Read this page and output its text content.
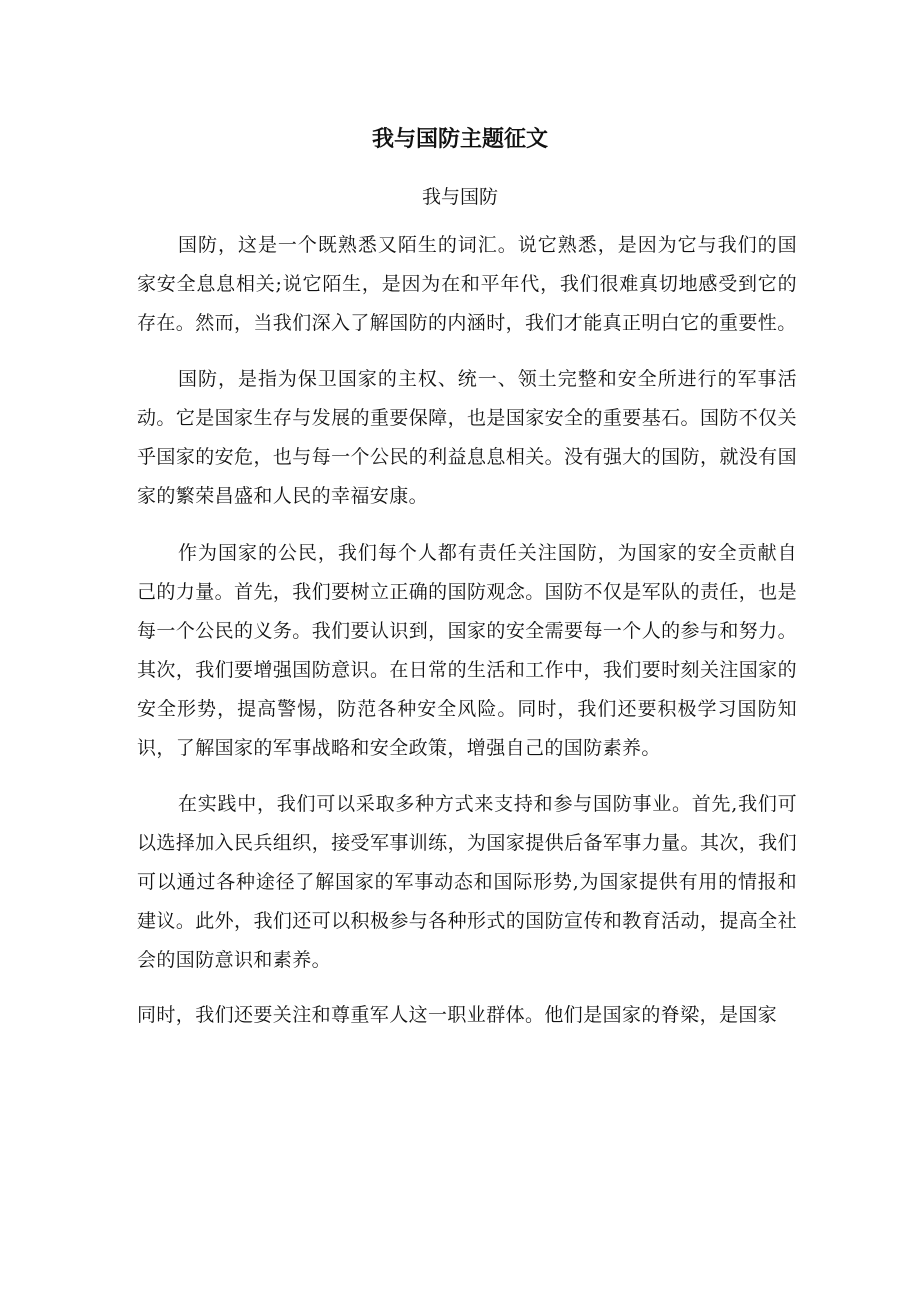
我与国防主题征文
我与国防

国防，这是一个既熟悉又陌生的词汇。说它熟悉，是因为它与我们的国家安全息息相关;说它陌生，是因为在和平年代，我们很难真切地感受到它的存在。然而，当我们深入了解国防的内涵时，我们才能真正明白它的重要性。

国防，是指为保卫国家的主权、统一、领土完整和安全所进行的军事活动。它是国家生存与发展的重要保障，也是国家安全的重要基石。国防不仅关乎国家的安危，也与每一个公民的利益息息相关。没有强大的国防，就没有国家的繁荣昌盛和人民的幸福安康。

作为国家的公民，我们每个人都有责任关注国防，为国家的安全贡献自己的力量。首先，我们要树立正确的国防观念。国防不仅是军队的责任，也是每一个公民的义务。我们要认识到，国家的安全需要每一个人的参与和努力。其次，我们要增强国防意识。在日常的生活和工作中，我们要时刻关注国家的安全形势，提高警惕，防范各种安全风险。同时，我们还要积极学习国防知识，了解国家的军事战略和安全政策，增强自己的国防素养。

在实践中，我们可以采取多种方式来支持和参与国防事业。首先,我们可以选择加入民兵组织，接受军事训练，为国家提供后备军事力量。其次，我们可以通过各种途径了解国家的军事动态和国际形势,为国家提供有用的情报和建议。此外，我们还可以积极参与各种形式的国防宣传和教育活动，提高全社会的国防意识和素养。

同时，我们还要关注和尊重军人这一职业群体。他们是国家的脊梁，是国家
